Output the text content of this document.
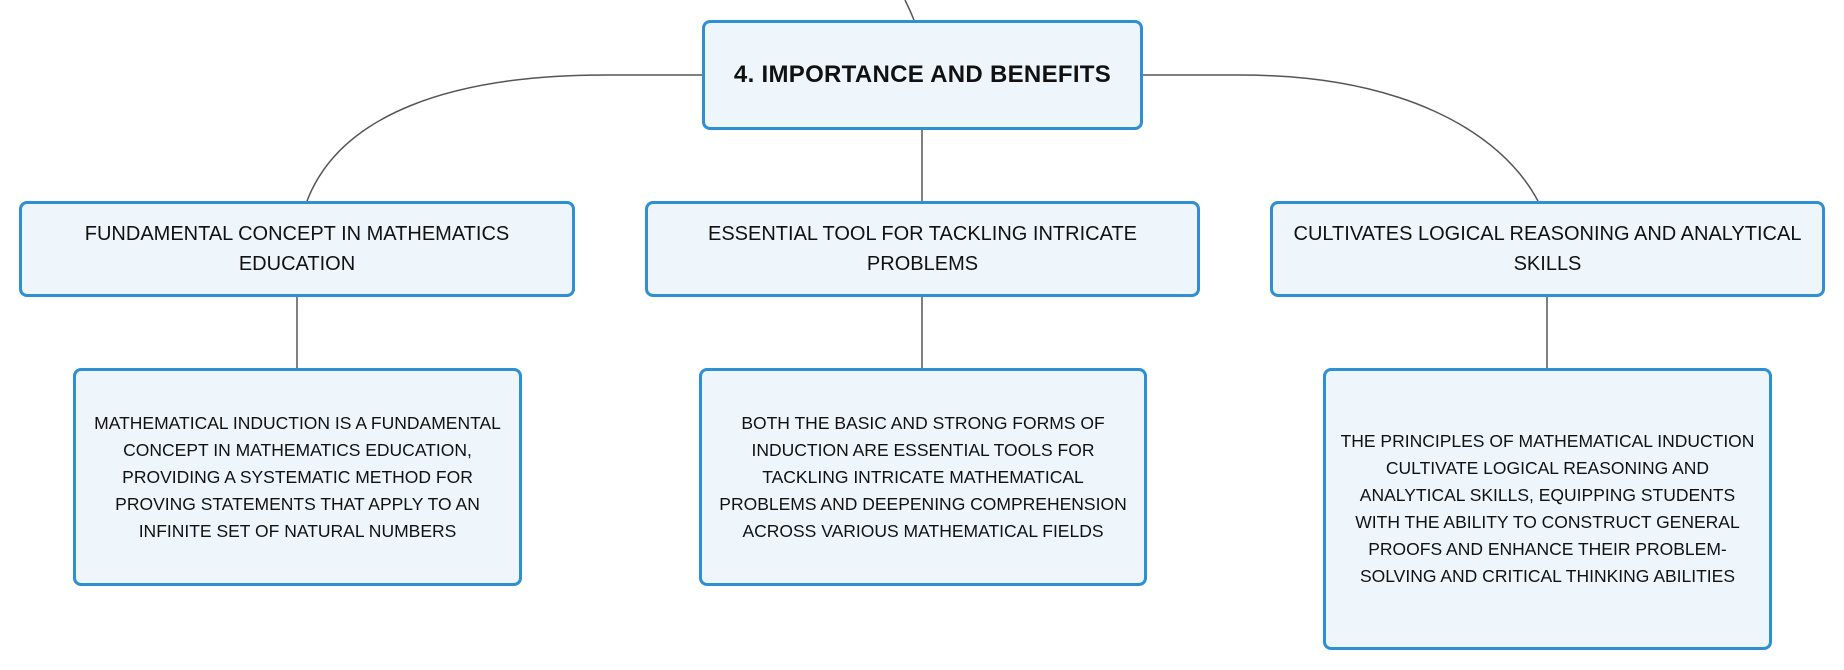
4. IMPORTANCE AND BENEFITS
FUNDAMENTAL CONCEPT IN MATHEMATICS EDUCATION
ESSENTIAL TOOL FOR TACKLING INTRICATE PROBLEMS
CULTIVATES LOGICAL REASONING AND ANALYTICAL SKILLS
MATHEMATICAL INDUCTION IS A FUNDAMENTAL CONCEPT IN MATHEMATICS EDUCATION, PROVIDING A SYSTEMATIC METHOD FOR PROVING STATEMENTS THAT APPLY TO AN INFINITE SET OF NATURAL NUMBERS
BOTH THE BASIC AND STRONG FORMS OF INDUCTION ARE ESSENTIAL TOOLS FOR TACKLING INTRICATE MATHEMATICAL PROBLEMS AND DEEPENING COMPREHENSION ACROSS VARIOUS MATHEMATICAL FIELDS
THE PRINCIPLES OF MATHEMATICAL INDUCTION CULTIVATE LOGICAL REASONING AND ANALYTICAL SKILLS, EQUIPPING STUDENTS WITH THE ABILITY TO CONSTRUCT GENERAL PROOFS AND ENHANCE THEIR PROBLEM-SOLVING AND CRITICAL THINKING ABILITIES
